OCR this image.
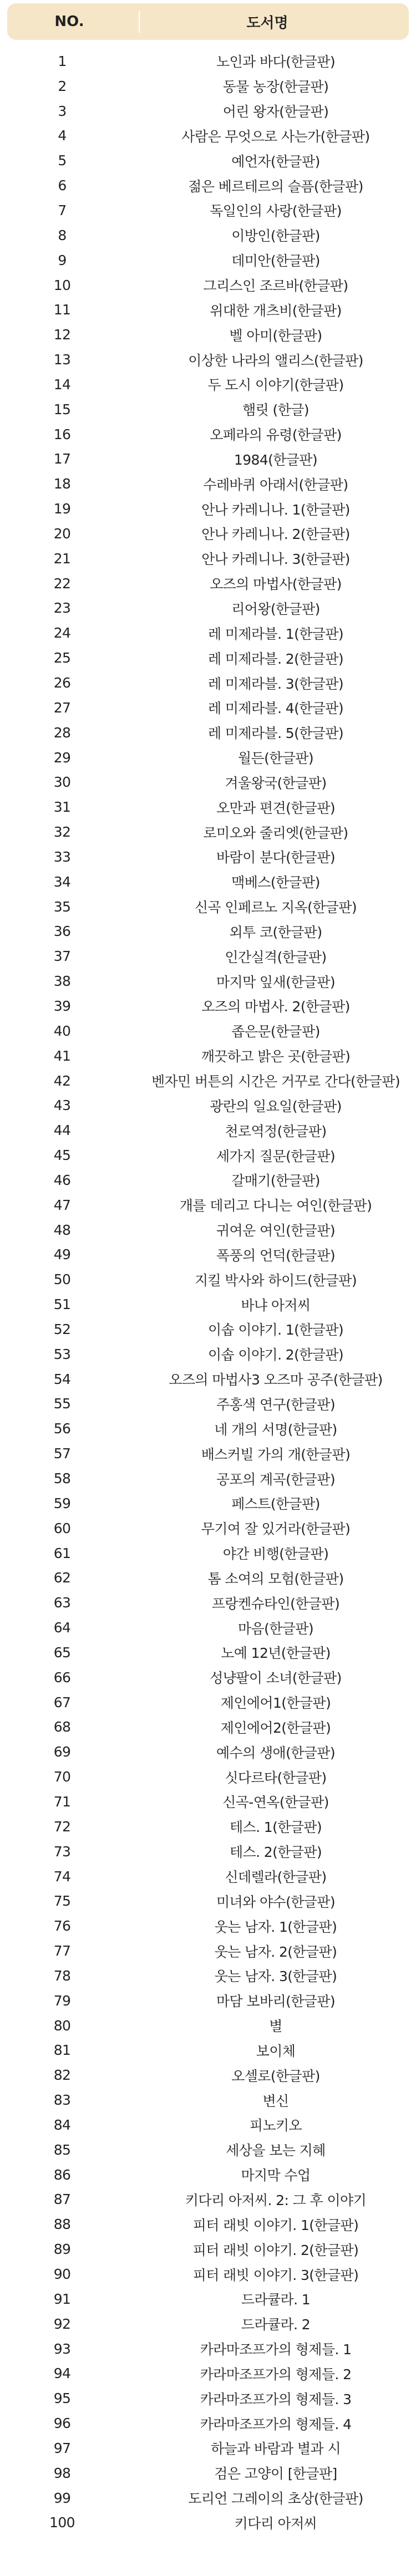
NO.	도서명
1	노인과 바다(한글판)
2	동물 농장(한글판)
3	어린 왕자(한글판)
4	사람은 무엇으로 사는가(한글판)
5	예언자(한글판)
6	젊은 베르테르의 슬픔(한글판)
7	독일인의 사랑(한글판)
8	이방인(한글판)
9	데미안(한글판)
10	그리스인 조르바(한글판)
11	위대한 개츠비(한글판)
12	벨 아미(한글판)
13	이상한 나라의 앨리스(한글판)
14	두 도시 이야기(한글판)
15	햄릿 (한글)
16	오페라의 유령(한글판)
17	1984(한글판)
18	수레바퀴 아래서(한글판)
19	안나 카레니나. 1(한글판)
20	안나 카레니나. 2(한글판)
21	안나 카레니나. 3(한글판)
22	오즈의 마법사(한글판)
23	리어왕(한글판)
24	레 미제라블. 1(한글판)
25	레 미제라블. 2(한글판)
26	레 미제라블. 3(한글판)
27	레 미제라블. 4(한글판)
28	레 미제라블. 5(한글판)
29	월든(한글판)
30	겨울왕국(한글판)
31	오만과 편견(한글판)
32	로미오와 줄리엣(한글판)
33	바람이 분다(한글판)
34	맥베스(한글판)
35	신곡 인페르노 지옥(한글판)
36	외투 코(한글판)
37	인간실격(한글판)
38	마지막 잎새(한글판)
39	오즈의 마법사. 2(한글판)
40	좁은문(한글판)
41	깨끗하고 밝은 곳(한글판)
42	벤자민 버튼의 시간은 거꾸로 간다(한글판)
43	광란의 일요일(한글판)
44	천로역정(한글판)
45	세가지 질문(한글판)
46	갈매기(한글판)
47	개를 데리고 다니는 여인(한글판)
48	귀여운 여인(한글판)
49	폭풍의 언덕(한글판)
50	지킬 박사와 하이드(한글판)
51	바냐 아저씨
52	이솝 이야기. 1(한글판)
53	이솝 이야기. 2(한글판)
54	오즈의 마법사3 오즈마 공주(한글판)
55	주홍색 연구(한글판)
56	네 개의 서명(한글판)
57	배스커빌 가의 개(한글판)
58	공포의 계곡(한글판)
59	페스트(한글판)
60	무기여 잘 있거라(한글판)
61	야간 비행(한글판)
62	톰 소여의 모험(한글판)
63	프랑켄슈타인(한글판)
64	마음(한글판)
65	노예 12년(한글판)
66	성냥팔이 소녀(한글판)
67	제인에어1(한글판)
68	제인에어2(한글판)
69	예수의 생애(한글판)
70	싯다르타(한글판)
71	신곡-연옥(한글판)
72	테스. 1(한글판)
73	테스. 2(한글판)
74	신데렐라(한글판)
75	미녀와 야수(한글판)
76	웃는 남자. 1(한글판)
77	웃는 남자. 2(한글판)
78	웃는 남자. 3(한글판)
79	마담 보바리(한글판)
80	별
81	보이체
82	오셀로(한글판)
83	변신
84	피노키오
85	세상을 보는 지혜
86	마지막 수업
87	키다리 아저씨. 2: 그 후 이야기
88	피터 래빗 이야기. 1(한글판)
89	피터 래빗 이야기. 2(한글판)
90	피터 래빗 이야기. 3(한글판)
91	드라큘라. 1
92	드라큘라. 2
93	카라마조프가의 형제들. 1
94	카라마조프가의 형제들. 2
95	카라마조프가의 형제들. 3
96	카라마조프가의 형제들. 4
97	하늘과 바람과 별과 시
98	검은 고양이 [한글판]
99	도리언 그레이의 초상(한글판)
100	키다리 아저씨
